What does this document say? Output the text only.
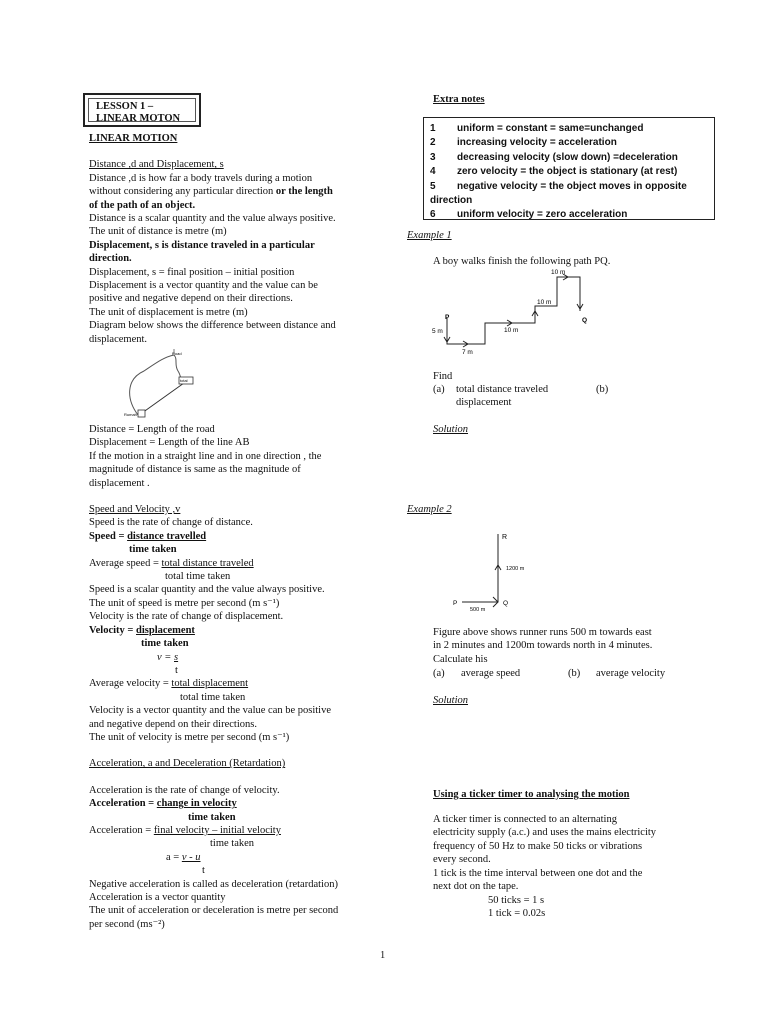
LESSON 1 –
LINEAR MOTON

LINEAR MOTION

Distance ,d and Displacement, s

Distance ,d is how far a body travels during a motion

without considering any particular direction or the length

of the path of an object.

Distance is a scalar quantity and the value always positive.

The unit of distance is metre (m)

Displacement, s is distance traveled in a particular

direction.

Displacement, s = final position – initial position

Displacement is a vector quantity and the value can be

positive and negative depend on their directions.

The unit of displacement is metre (m)

Diagram below shows the difference between distance and

displacement.

Road
total
Rumah

Distance = Length of the road

Displacement = Length of the line AB

If the motion in a straight line and in one direction , the

magnitude of distance is same as the magnitude of

displacement .

Speed and Velocity ,v

Speed is the rate of change of distance.

Speed = distance travelled

time taken

Average speed = total distance traveled

total time taken

Speed is a scalar quantity and the value always positive.

The unit of speed is metre per second (m s⁻¹)

Velocity is the rate of change of displacement.

Velocity = displacement

time taken

v = s

t

Average velocity = total displacement

total time taken

Velocity is a vector quantity and the value can be positive

and negative depend on their directions.

The unit of velocity is metre per second (m s⁻¹)

Acceleration, a and Deceleration (Retardation)

Acceleration is the rate of change of velocity.

Acceleration = change in velocity

time taken

Acceleration = final velocity – initial velocity

time taken

a = v - u

t

Negative acceleration is called as deceleration (retardation)

Acceleration is a vector quantity

The unit of acceleration or deceleration is metre per second

per second (ms⁻²)

Extra notes
1	uniform = constant = same=unchanged
2	increasing velocity = acceleration
3	decreasing velocity (slow down) =deceleration
4	zero velocity = the object is stationary (at rest)
5	negative velocity = the object moves in opposite
direction
6	uniform velocity = zero acceleration
Example 1
A boy walks finish the following path PQ.
P	Q
5 m
7 m
10 m
10 m
10 m
Find
(a) total distance traveled	(b)
displacement
Solution
Example 2
R
Q
P
1200 m
500 m
Figure above shows runner runs 500 m towards east
in 2 minutes and 1200m towards north in 4 minutes.
Calculate his
(a) average speed	(b) average velocity
Solution
Using a ticker timer to analysing the motion
A ticker timer is connected to an alternating
electricity supply (a.c.) and uses the mains electricity
frequency of 50 Hz to make 50 ticks or vibrations
every second.
1 tick is the time interval between one dot and the
next dot on the tape.
50 ticks = 1 s
1 tick = 0.02s
1
